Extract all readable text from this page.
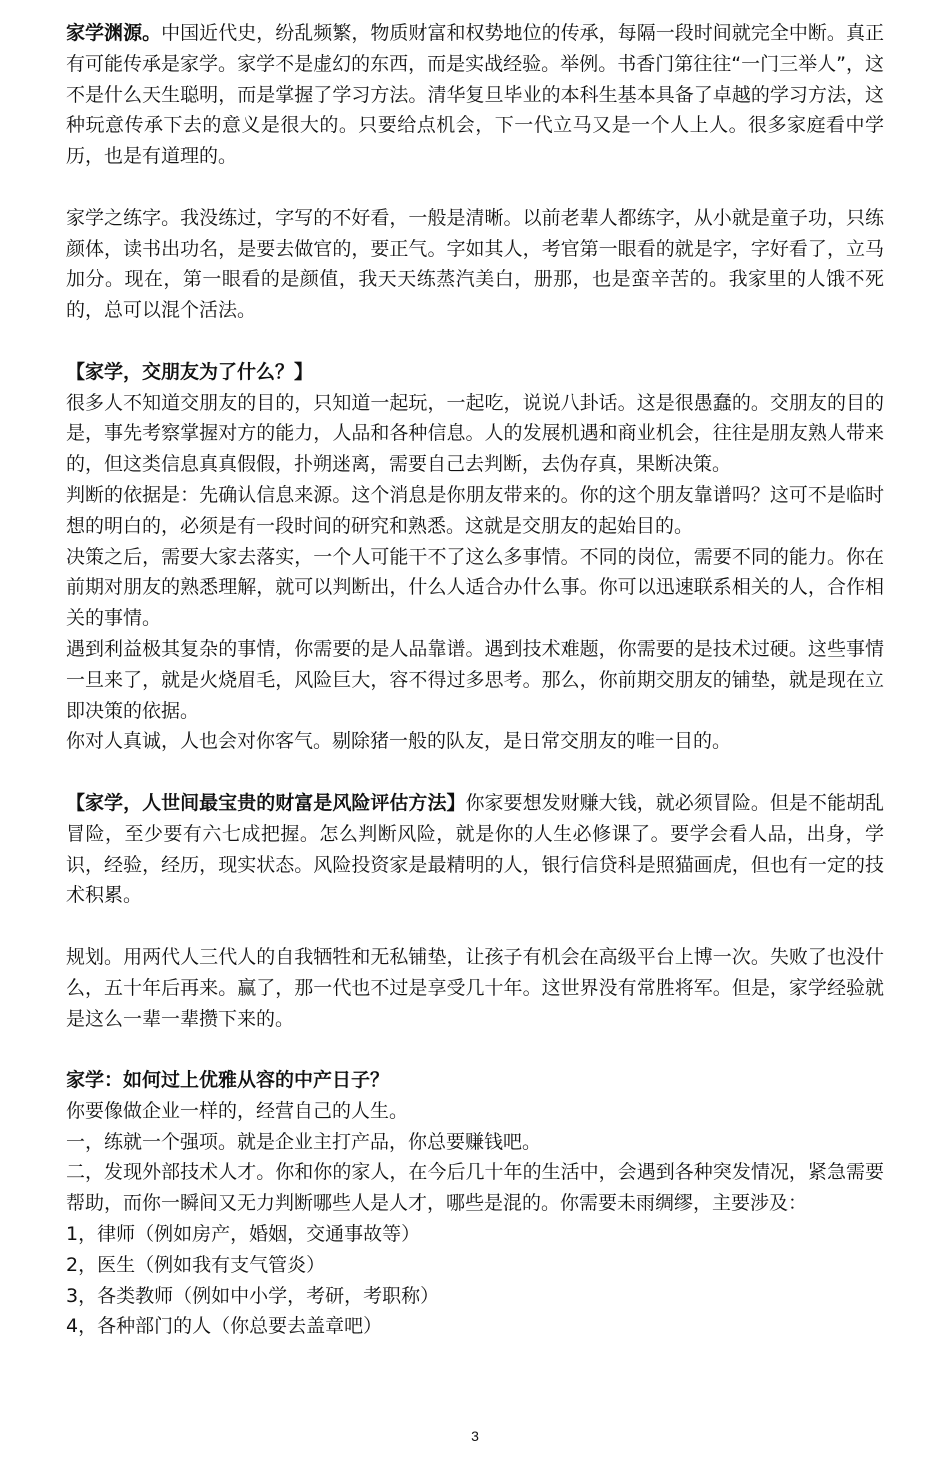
家学渊源。中国近代史，纷乱频繁，物质财富和权势地位的传承，每隔一段时间就完全中断。真正有可能传承是家学。家学不是虚幻的东西，而是实战经验。举例。书香门第往往“一门三举人”，这不是什么天生聪明，而是掌握了学习方法。清华复旦毕业的本科生基本具备了卓越的学习方法，这种玩意传承下去的意义是很大的。只要给点机会，下一代立马又是一个人上人。很多家庭看中学历，也是有道理的。

家学之练字。我没练过，字写的不好看，一般是清晰。以前老辈人都练字，从小就是童子功，只练颜体，读书出功名，是要去做官的，要正气。字如其人，考官第一眼看的就是字，字好看了，立马加分。现在，第一眼看的是颜值，我天天练蒸汽美白，册那，也是蛮辛苦的。我家里的人饿不死的，总可以混个活法。

【家学，交朋友为了什么？】

很多人不知道交朋友的目的，只知道一起玩，一起吃，说说八卦话。这是很愚蠢的。交朋友的目的是，事先考察掌握对方的能力，人品和各种信息。人的发展机遇和商业机会，往往是朋友熟人带来的，但这类信息真真假假，扑朔迷离，需要自己去判断，去伪存真，果断决策。

判断的依据是：先确认信息来源。这个消息是你朋友带来的。你的这个朋友靠谱吗？这可不是临时想的明白的，必须是有一段时间的研究和熟悉。这就是交朋友的起始目的。

决策之后，需要大家去落实，一个人可能干不了这么多事情。不同的岗位，需要不同的能力。你在前期对朋友的熟悉理解，就可以判断出，什么人适合办什么事。你可以迅速联系相关的人，合作相关的事情。

遇到利益极其复杂的事情，你需要的是人品靠谱。遇到技术难题，你需要的是技术过硬。这些事情一旦来了，就是火烧眉毛，风险巨大，容不得过多思考。那么，你前期交朋友的铺垫，就是现在立即决策的依据。

你对人真诚，人也会对你客气。剔除猪一般的队友，是日常交朋友的唯一目的。

【家学，人世间最宝贵的财富是风险评估方法】你家要想发财赚大钱，就必须冒险。但是不能胡乱冒险，至少要有六七成把握。怎么判断风险，就是你的人生必修课了。要学会看人品，出身，学识，经验，经历，现实状态。风险投资家是最精明的人，银行信贷科是照猫画虎，但也有一定的技术积累。

规划。用两代人三代人的自我牺牲和无私铺垫，让孩子有机会在高级平台上博一次。失败了也没什么，五十年后再来。赢了，那一代也不过是享受几十年。这世界没有常胜将军。但是，家学经验就是这么一辈一辈攒下来的。

家学：如何过上优雅从容的中产日子？

你要像做企业一样的，经营自己的人生。

一，练就一个强项。就是企业主打产品，你总要赚钱吧。

二，发现外部技术人才。你和你的家人，在今后几十年的生活中，会遇到各种突发情况，紧急需要帮助，而你一瞬间又无力判断哪些人是人才，哪些是混的。你需要未雨绸缪，主要涉及：

1，律师（例如房产，婚姻，交通事故等）

2，医生（例如我有支气管炎）

3，各类教师（例如中小学，考研，考职称）

4，各种部门的人（你总要去盖章吧）

3
